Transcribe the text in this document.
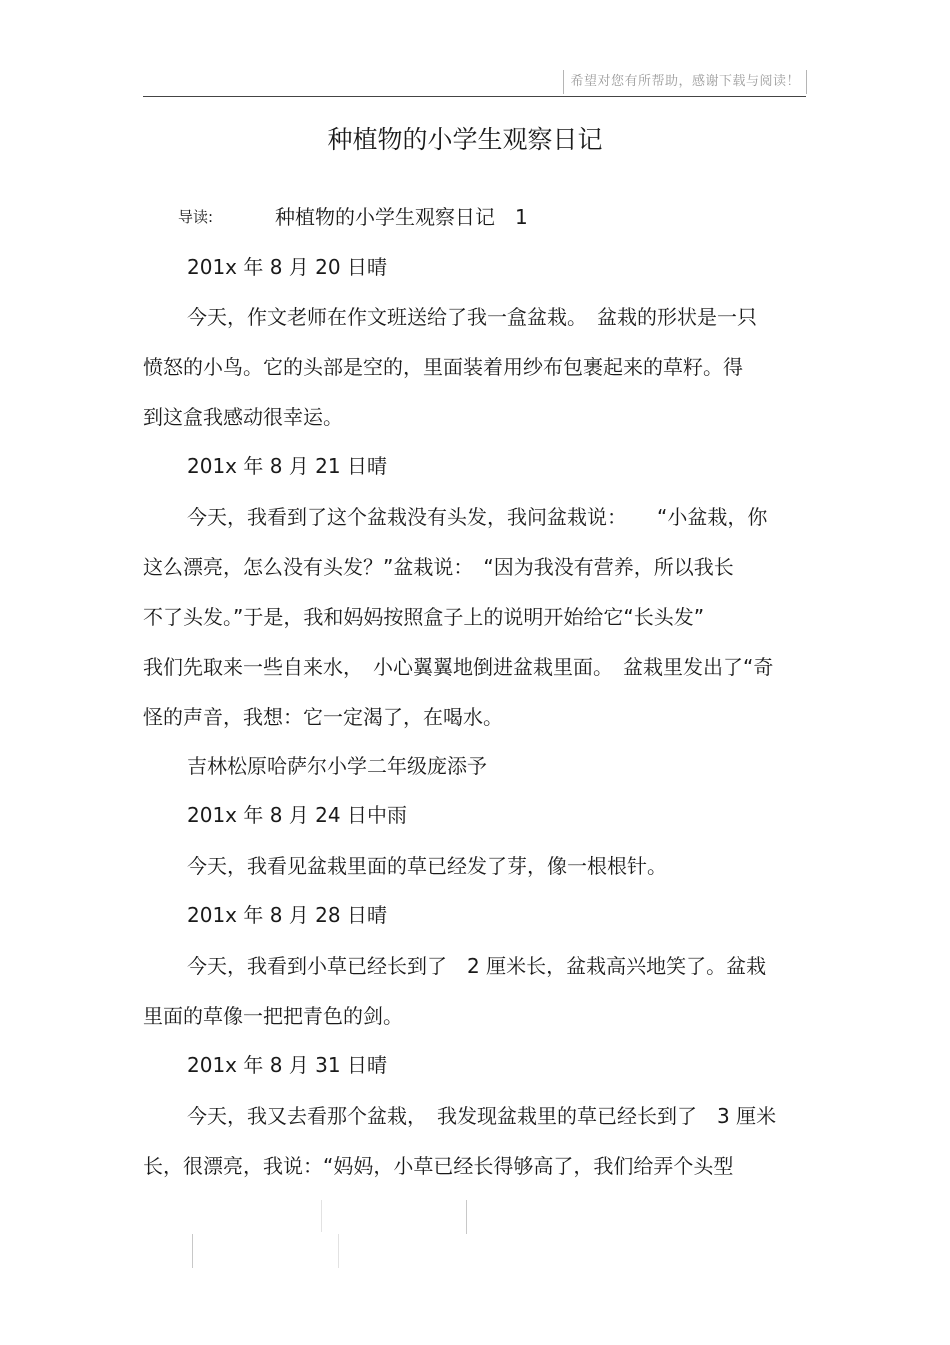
希望对您有所帮助，感谢下载与阅读！
种植物的小学生观察日记
导读:	种植物的小学生观察日记　1
201x 年 8 月 20 日晴
今天，作文老师在作文班送给了我一盒盆栽。　盆栽的形状是一只
愤怒的小鸟。它的头部是空的，里面装着用纱布包裹起来的草籽。得
到这盒我感动很幸运。
201x 年 8 月 21 日晴
今天，我看到了这个盆栽没有头发，我问盆栽说：　　“小盆栽，你
这么漂亮，怎么没有头发？”盆栽说：　“因为我没有营养，所以我长
不了头发。”于是，我和妈妈按照盒子上的说明开始给它“长头发”
我们先取来一些自来水，　小心翼翼地倒进盆栽里面。　盆栽里发出了“奇
怪的声音，我想：它一定渴了，在喝水。
吉林松原哈萨尔小学二年级庞添予
201x 年 8 月 24 日中雨
今天，我看见盆栽里面的草已经发了芽，像一根根针。
201x 年 8 月 28 日晴
今天，我看到小草已经长到了　2 厘米长，盆栽高兴地笑了。盆栽
里面的草像一把把青色的剑。
201x 年 8 月 31 日晴
今天，我又去看那个盆栽，　我发现盆栽里的草已经长到了　3 厘米
长，很漂亮，我说：“妈妈，小草已经长得够高了，我们给弄个头型
